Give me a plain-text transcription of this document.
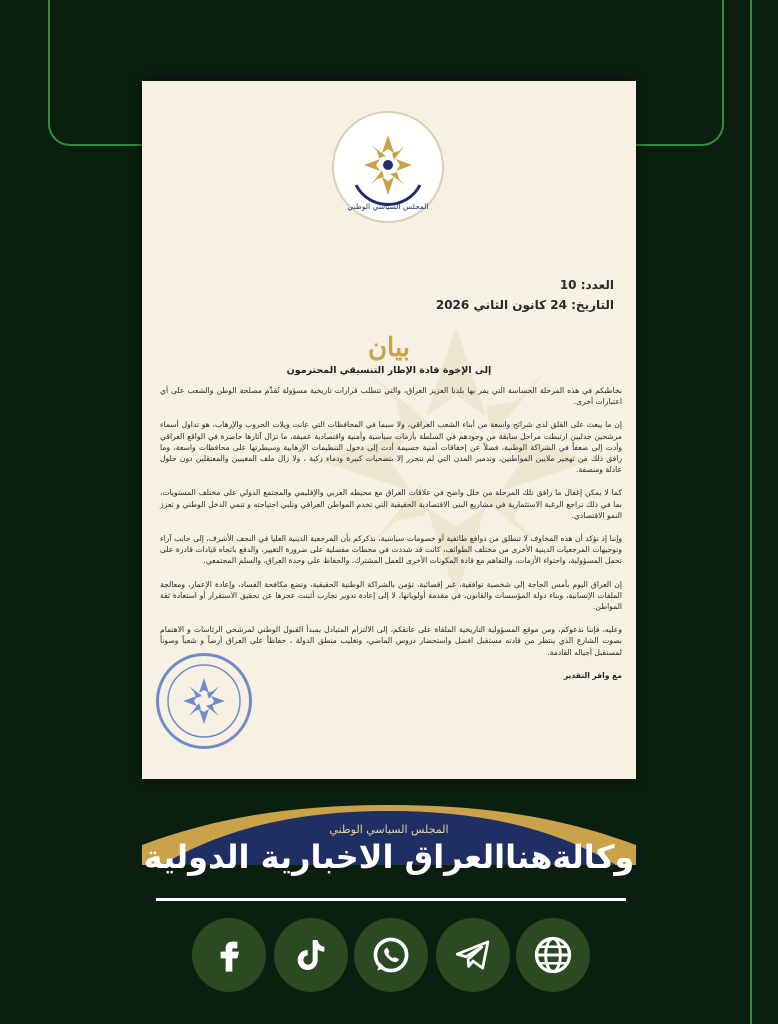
المجلس السياسي الوطني
العدد: 10
التاريخ: 24 كانون الثاني 2026
بيان
إلى الإخوة قادة الإطار التنسيقي المحترمون

نخاطبكم في هذه المرحلة الحساسة التي يمر بها بلدنا العزيز العراق، والتي تتطلب قرارات تاريخية مسؤولة تُقدِّم مصلحة الوطن والشعب على أي اعتبارات أخرى.

إن ما يبعث على القلق لدى شرائح واسعة من أبناء الشعب العراقي، ولا سيما في المحافظات التي عانت ويلات الحروب والإرهاب، هو تداول أسماء مرشحين جدليين ارتبطت مراحل سابقة من وجودهم في السلطة بأزمات سياسية وأمنية واقتصادية عميقة، ما تزال آثارها حاضرة في الواقع العراقي وأدت إلى ضعفاً في الشراكة الوطنية، فضلاً عن إخفاقات أمنية جسيمة أدت إلى دخول التنظيمات الإرهابية وسيطرتها على محافظات واسعة، وما رافق ذلك من تهجير ملايين المواطنين، وتدمير المدن التي لم تتحرر إلا بتضحيات كبيرة ودماء زكية ، ولا زال ملف المغيبين والمعتقلين دون حلول عادلة ومنصفة.

كما لا يمكن إغفال ما رافق تلك المرحلة من خلل واضح في علاقات العراق مع محيطه العربي والإقليمي والمجتمع الدولي على مختلف المستويات، بما في ذلك تراجع الرغبة الاستثمارية في مشاريع البنى الاقتصادية الحقيقية التي تخدم المواطن العراقي وتلبي احتياجته و تنمي الدخل الوطني و تعزز النمو الاقتصادي.

وإننا إذ نؤكد أن هذه المخاوف لا تنطلق من دوافع طائفية أو خصومات سياسية، نذكركم بأن المرجعية الدينية العليا في النجف الأشرف، إلى جانب آراء وتوجيهات المرجعيات الدينية الأخرى من مختلف الطوائف، كانت قد شددت في محطات مفصلية على ضرورة التغيير، والدفع باتجاه قيادات قادرة على تحمل المسؤولية، واحتواء الأزمات، والتفاهم مع قادة المكونات الأخرى للعمل المشترك، والحفاظ على وحدة العراق، والسلم المجتمعي.

إن العراق اليوم بأمس الحاجة إلى شخصية توافقية، غير إقصائية، تؤمن بالشراكة الوطنية الحقيقية، وتضع مكافحة الفساد، وإعادة الإعمار، ومعالجة الملفات الإنسانية، وبناء دولة المؤسسات والقانون، في مقدمة أولوياتها، لا إلى إعادة تدوير تجارب أثبتت عجزها عن تحقيق الاستقرار أو استعادة ثقة المواطن.

وعليه، فإننا ندعوكم، ومن موقع المسؤولية التاريخية الملقاة على عاتقكم، إلى الالتزام المتبادل بمبدأ القبول الوطني لمرشحي الرئاسات و الاهتمام بصوت الشارع الذي ينتظر من قادته مستقبل افضل واستحضار دروس الماضي، وتغليب منطق الدولة ، حفاظاً على العراق أرضاً و شعباً وصوناً لمستقبل أجياله القادمة.

مع وافر التقدير

المجلس السياسي الوطني
وكالةهناالعراق الاخبارية الدولية
